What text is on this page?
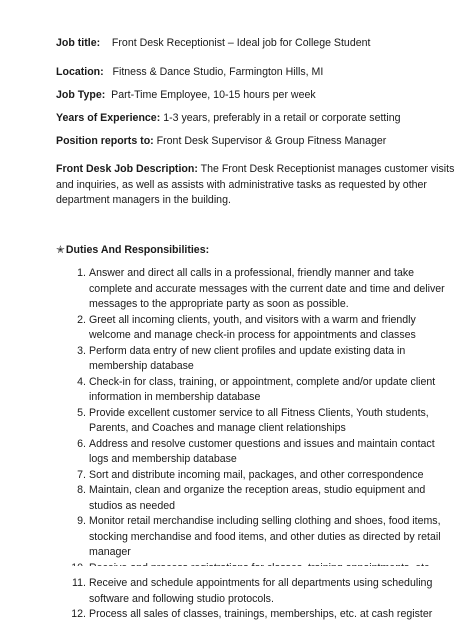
Job title: Front Desk Receptionist – Ideal job for College Student
Location: Fitness & Dance Studio, Farmington Hills, MI
Job Type: Part-Time Employee, 10-15 hours per week
Years of Experience: 1-3 years, preferably in a retail or corporate setting
Position reports to: Front Desk Supervisor & Group Fitness Manager
Front Desk Job Description: The Front Desk Receptionist manages customer visits and inquiries, as well as assists with administrative tasks as requested by other department managers in the building.
✭Duties And Responsibilities:
1. Answer and direct all calls in a professional, friendly manner and take complete and accurate messages with the current date and time and deliver messages to the appropriate party as soon as possible.
2. Greet all incoming clients, youth, and visitors with a warm and friendly welcome and manage check-in process for appointments and classes
3. Perform data entry of new client profiles and update existing data in membership database
4. Check-in for class, training, or appointment, complete and/or update client information in membership database
5. Provide excellent customer service to all Fitness Clients, Youth students, Parents, and Coaches and manage client relationships
6. Address and resolve customer questions and issues and maintain contact logs and membership database
7. Sort and distribute incoming mail, packages, and other correspondence
8. Maintain, clean and organize the reception areas, studio equipment and studios as needed
9. Monitor retail merchandise including selling clothing and shoes, food items, stocking merchandise and food items, and other duties as directed by retail manager
11. Receive and schedule appointments for all departments using scheduling software and following studio protocols.
12. Process all sales of classes, trainings, memberships, etc. at cash register
